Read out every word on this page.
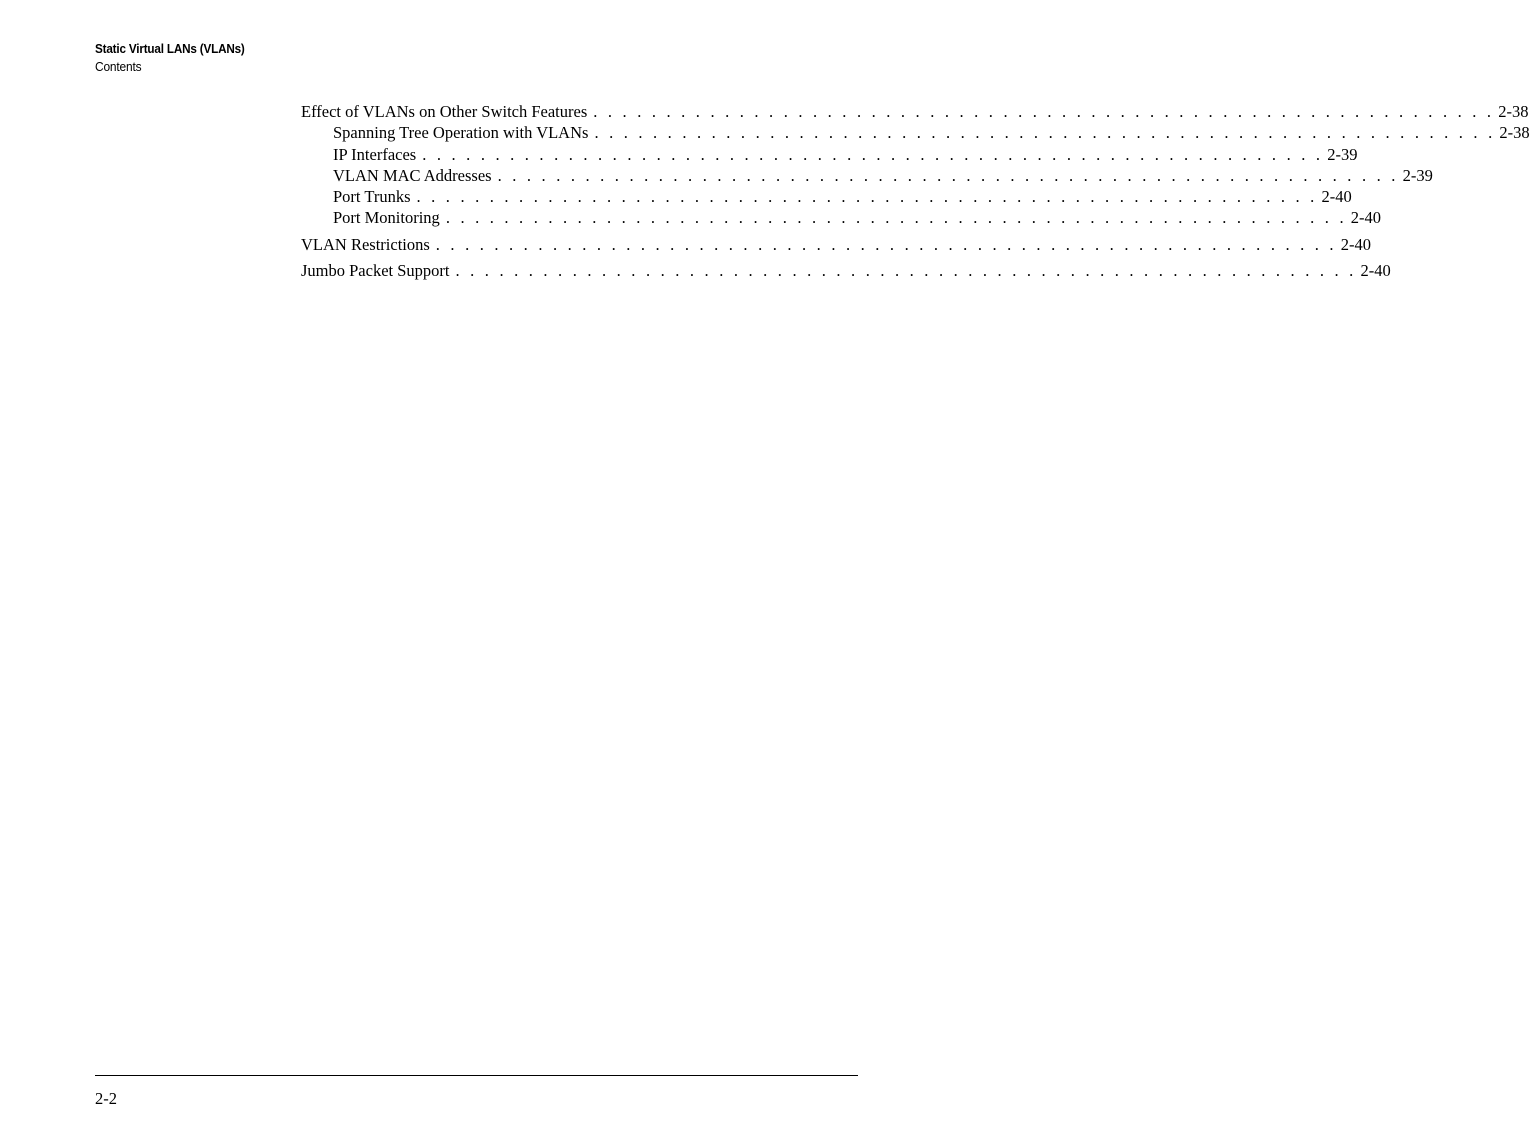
Static Virtual LANs (VLANs)
Contents
Effect of VLANs on Other Switch Features . . . . . . . . . . . . . . . . . . . . . . . . . . . . . . . . . . . . . . . . . . . . . . . . . . . . . . . . . . . . . . 2-38
Spanning Tree Operation with VLANs . . . . . . . . . . . . . . . . . . . . . . . . . . . . . . . . . . . . . . . . . . . . . . . . . . . . . . . . . . . . . . 2-38
IP Interfaces . . . . . . . . . . . . . . . . . . . . . . . . . . . . . . . . . . . . . . . . . . . . . . . . . . . . . . . . . . . . . . 2-39
VLAN MAC Addresses . . . . . . . . . . . . . . . . . . . . . . . . . . . . . . . . . . . . . . . . . . . . . . . . . . . . . . . . . . . . . . 2-39
Port Trunks . . . . . . . . . . . . . . . . . . . . . . . . . . . . . . . . . . . . . . . . . . . . . . . . . . . . . . . . . . . . . . 2-40
Port Monitoring . . . . . . . . . . . . . . . . . . . . . . . . . . . . . . . . . . . . . . . . . . . . . . . . . . . . . . . . . . . . . . 2-40
VLAN Restrictions . . . . . . . . . . . . . . . . . . . . . . . . . . . . . . . . . . . . . . . . . . . . . . . . . . . . . . . . . . . . . . 2-40
Jumbo Packet Support . . . . . . . . . . . . . . . . . . . . . . . . . . . . . . . . . . . . . . . . . . . . . . . . . . . . . . . . . . . . . . 2-40
2-2
